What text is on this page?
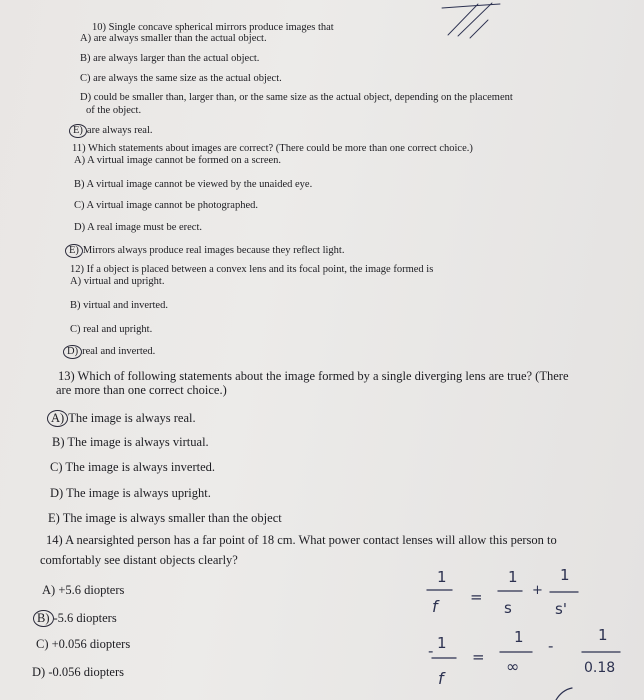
10) Single concave spherical mirrors produce images that
A) are always smaller than the actual object.
B) are always larger than the actual object.
C) are always the same size as the actual object.
D) could be smaller than, larger than, or the same size as the actual object, depending on the placement
of the object.
E) are always real.
11) Which statements about images are correct? (There could be more than one correct choice.)
A) A virtual image cannot be formed on a screen.
B) A virtual image cannot be viewed by the unaided eye.
C) A virtual image cannot be photographed.
D) A real image must be erect.
E) Mirrors always produce real images because they reflect light.
12) If a object is placed between a convex lens and its focal point, the image formed is
A) virtual and upright.
B) virtual and inverted.
C) real and upright.
D) real and inverted.
13) Which of following statements about the image formed by a single diverging lens are true? (There
are more than one correct choice.)
A) The image is always real.
B) The image is always virtual.
C) The image is always inverted.
D) The image is always upright.
E) The image is always smaller than the object
14) A nearsighted person has a far point of 18 cm. What power contact lenses will allow this person to
comfortably see distant objects clearly?
A) +5.6 diopters
B) -5.6 diopters
C) +0.056 diopters
D) -0.056 diopters
1
f =
1
s
+
1
s'
- 1
f
=
1
∞
-
1
0.18
